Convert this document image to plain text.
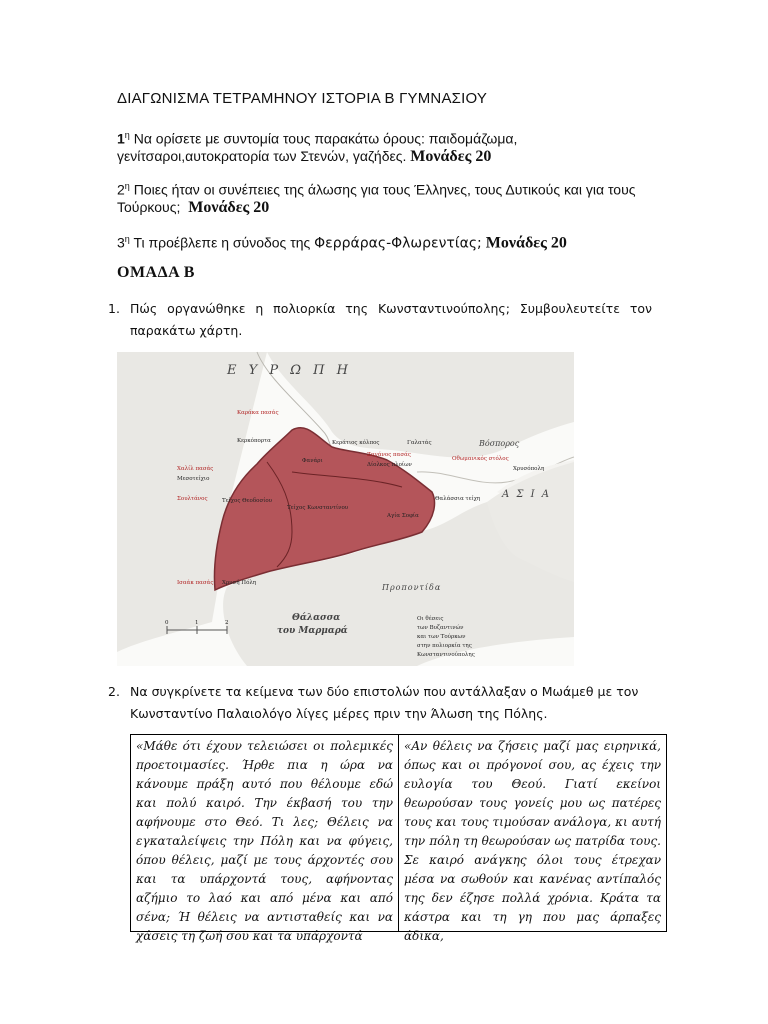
ΔΙΑΓΩΝΙΣΜΑ ΤΕΤΡΑΜΗΝΟΥ ΙΣΤΟΡΙΑ Β ΓΥΜΝΑΣΙΟΥ
$1^\eta$ Να ορίσετε με συντομία τους παρακάτω όρους: παιδομάζωμα, γενίτσαροι,αυτοκρατορία των Στενών, γαζήδες. Μονάδες 20
$2^\eta$ Ποιες ήταν οι συνέπειες της άλωσης για τους Έλληνες, τους Δυτικούς και για τους Τούρκους; Μονάδες 20
$3^\eta$ Τι προέβλεπε η σύνοδος της Φερράρας-Φλωρεντίας; Μονάδες 20
ΟΜΑΔΑ Β
1. Πώς οργανώθηκε η πολιορκία της Κωνσταντινούπολης; Συμβουλευτείτε τον παρακάτω χάρτη.
0	1	2
Ε Υ Ρ Ω Π Η
Α Σ Ι Α
Βόσπορος
Προποντίδα
Θάλασσα
του Μαρμαρά
Οι θέσεις
των Βυζαντινών
και των Τούρκων
στην πολιορκία της
Κωνσταντινούπολης
Καράκα πασάς
Κερκόπορτα
Ζαγάνος πασάς
Δίολκος πλοίων
Γαλατάς
Χαλίλ πασάς
Μεσοτείχιο
Σουλτάνος	Τείχος Θεοδοσίου
Τείχος Κωνσταντίνου
Χρυσόπολη
Θαλάσσια τείχη
Ισαάκ πασάς Χρυσή Πόλη
Αγία Σοφία
Οθωμανικός στόλος
Κεράτιος κόλπος
Φανάρι
2. Να συγκρίνετε τα κείμενα των δύο επιστολών που αντάλλαξαν ο Μωάμεθ με τον Κωνσταντίνο Παλαιολόγο λίγες μέρες πριν την Άλωση της Πόλης.
«Μάθε ότι έχουν τελειώσει οι πολεμικές προετοιμασίες. Ήρθε πια η ώρα να κάνουμε πράξη αυτό που θέλουμε εδώ και πολύ καιρό. Την έκβασή του την αφήνουμε στο Θεό. Τι λες; Θέλεις να εγκαταλείψεις την Πόλη και να φύγεις, όπου θέλεις, μαζί με τους άρχοντές σου και τα υπάρχοντά τους, αφήνοντας αζήμιο το λαό και από μένα και από σένα; Ή θέλεις να αντισταθείς και να χάσεις τη ζωή σου και τα υπάρχοντά

«Αν θέλεις να ζήσεις μαζί μας ειρηνικά, όπως και οι πρόγονοί σου, ας έχεις την ευλογία του Θεού. Γιατί εκείνοι θεωρούσαν τους γονείς μου ως πατέρες τους και τους τιμούσαν ανάλογα, κι αυτή την πόλη τη θεωρούσαν ως πατρίδα τους. Σε καιρό ανάγκης όλοι τους έτρεχαν μέσα να σωθούν και κανένας αντίπαλός της δεν έζησε πολλά χρόνια. Κράτα τα κάστρα και τη γη που μας άρπαξες άδικα,
